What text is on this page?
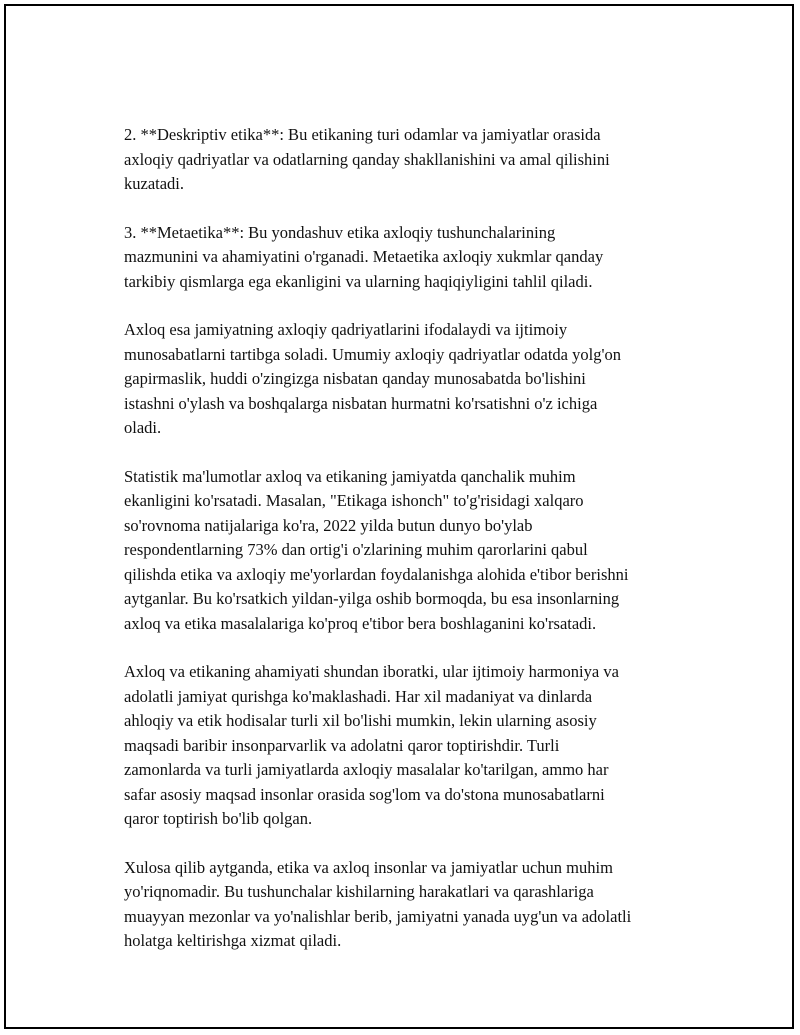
2. **Deskriptiv etika**: Bu etikaning turi odamlar va jamiyatlar orasida
axloqiy qadriyatlar va odatlarning qanday shakllanishini va amal qilishini
kuzatadi.

3. **Metaetika**: Bu yondashuv etika axloqiy tushunchalarining
mazmunini va ahamiyatini o'rganadi. Metaetika axloqiy xukmlar qanday
tarkibiy qismlarga ega ekanligini va ularning haqiqiyligini tahlil qiladi.

Axloq esa jamiyatning axloqiy qadriyatlarini ifodalaydi va ijtimoiy
munosabatlarni tartibga soladi. Umumiy axloqiy qadriyatlar odatda yolg'on
gapirmaslik, huddi o'zingizga nisbatan qanday munosabatda bo'lishini
istashni o'ylash va boshqalarga nisbatan hurmatni ko'rsatishni o'z ichiga
oladi.

Statistik ma'lumotlar axloq va etikaning jamiyatda qanchalik muhim
ekanligini ko'rsatadi. Masalan, "Etikaga ishonch" to'g'risidagi xalqaro
so'rovnoma natijalariga ko'ra, 2022 yilda butun dunyo bo'ylab
respondentlarning 73% dan ortig'i o'zlarining muhim qarorlarini qabul
qilishda etika va axloqiy me'yorlardan foydalanishga alohida e'tibor berishni
aytganlar. Bu ko'rsatkich yildan-yilga oshib bormoqda, bu esa insonlarning
axloq va etika masalalariga ko'proq e'tibor bera boshlaganini ko'rsatadi.

Axloq va etikaning ahamiyati shundan iboratki, ular ijtimoiy harmoniya va
adolatli jamiyat qurishga ko'maklashadi. Har xil madaniyat va dinlarda
ahloqiy va etik hodisalar turli xil bo'lishi mumkin, lekin ularning asosiy
maqsadi baribir insonparvarlik va adolatni qaror toptirishdir. Turli
zamonlarda va turli jamiyatlarda axloqiy masalalar ko'tarilgan, ammo har
safar asosiy maqsad insonlar orasida sog'lom va do'stona munosabatlarni
qaror toptirish bo'lib qolgan.

Xulosa qilib aytganda, etika va axloq insonlar va jamiyatlar uchun muhim
yo'riqnomadir. Bu tushunchalar kishilarning harakatlari va qarashlariga
muayyan mezonlar va yo'nalishlar berib, jamiyatni yanada uyg'un va adolatli
holatga keltirishga xizmat qiladi.
